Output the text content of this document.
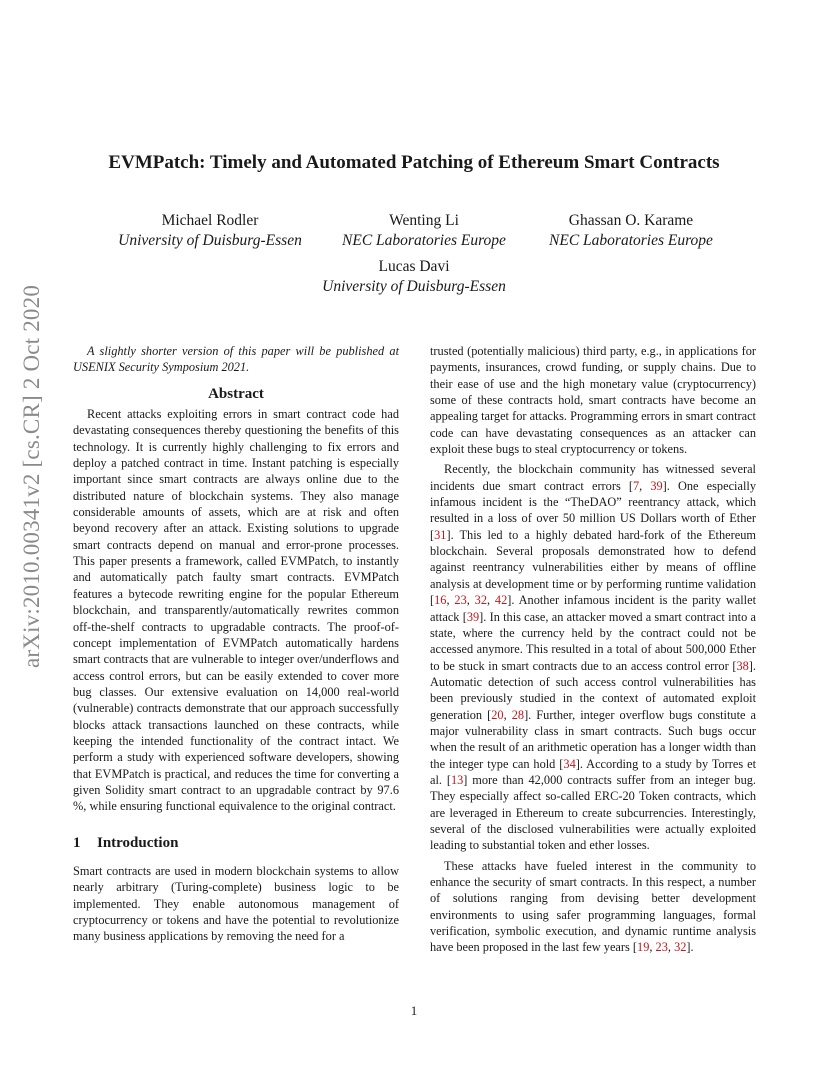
arXiv:2010.00341v2 [cs.CR] 2 Oct 2020
EVMPatch: Timely and Automated Patching of Ethereum Smart Contracts
Michael Rodler
University of Duisburg-Essen
Wenting Li
NEC Laboratories Europe
Ghassan O. Karame
NEC Laboratories Europe
Lucas Davi
University of Duisburg-Essen

A slightly shorter version of this paper will be published at USENIX Security Symposium 2021.

Abstract

Recent attacks exploiting errors in smart contract code had devastating consequences thereby questioning the benefits of this technology. It is currently highly challenging to fix errors and deploy a patched contract in time. Instant patching is especially important since smart contracts are always online due to the distributed nature of blockchain systems. They also manage considerable amounts of assets, which are at risk and often beyond recovery after an attack. Existing solutions to upgrade smart contracts depend on manual and error-prone processes. This paper presents a framework, called EVMPatch, to instantly and automatically patch faulty smart contracts. EVMPatch features a bytecode rewriting engine for the popular Ethereum blockchain, and transparently/automatically rewrites common off-the-shelf contracts to upgradable contracts. The proof-of-concept implementation of EVMPatch automatically hardens smart contracts that are vulnerable to integer over/underflows and access control errors, but can be easily extended to cover more bug classes. Our extensive evaluation on 14,000 real-world (vulnerable) contracts demonstrate that our approach successfully blocks attack transactions launched on these contracts, while keeping the intended functionality of the contract intact. We perform a study with experienced software developers, showing that EVMPatch is practical, and reduces the time for converting a given Solidity smart contract to an upgradable contract by 97.6 %, while ensuring functional equivalence to the original contract.

1 Introduction

Smart contracts are used in modern blockchain systems to allow nearly arbitrary (Turing-complete) business logic to be implemented. They enable autonomous management of cryptocurrency or tokens and have the potential to revolutionize many business applications by removing the need for a

trusted (potentially malicious) third party, e.g., in applications for payments, insurances, crowd funding, or supply chains. Due to their ease of use and the high monetary value (cryptocurrency) some of these contracts hold, smart contracts have become an appealing target for attacks. Programming errors in smart contract code can have devastating consequences as an attacker can exploit these bugs to steal cryptocurrency or tokens.

Recently, the blockchain community has witnessed several incidents due smart contract errors [7, 39]. One especially infamous incident is the “TheDAO” reentrancy attack, which resulted in a loss of over 50 million US Dollars worth of Ether [31]. This led to a highly debated hard-fork of the Ethereum blockchain. Several proposals demonstrated how to defend against reentrancy vulnerabilities either by means of offline analysis at development time or by performing runtime validation [16, 23, 32, 42]. Another infamous incident is the parity wallet attack [39]. In this case, an attacker moved a smart contract into a state, where the currency held by the contract could not be accessed anymore. This resulted in a total of about 500,000 Ether to be stuck in smart contracts due to an access control error [38]. Automatic detection of such access control vulnerabilities has been previously studied in the context of automated exploit generation [20, 28]. Further, integer overflow bugs constitute a major vulnerability class in smart contracts. Such bugs occur when the result of an arithmetic operation has a longer width than the integer type can hold [34]. According to a study by Torres et al. [13] more than 42,000 contracts suffer from an integer bug. They especially affect so-called ERC-20 Token contracts, which are leveraged in Ethereum to create subcurrencies. Interestingly, several of the disclosed vulnerabilities were actually exploited leading to substantial token and ether losses.

These attacks have fueled interest in the community to enhance the security of smart contracts. In this respect, a number of solutions ranging from devising better development environments to using safer programming languages, formal verification, symbolic execution, and dynamic runtime analysis have been proposed in the last few years [19, 23, 32].

1
